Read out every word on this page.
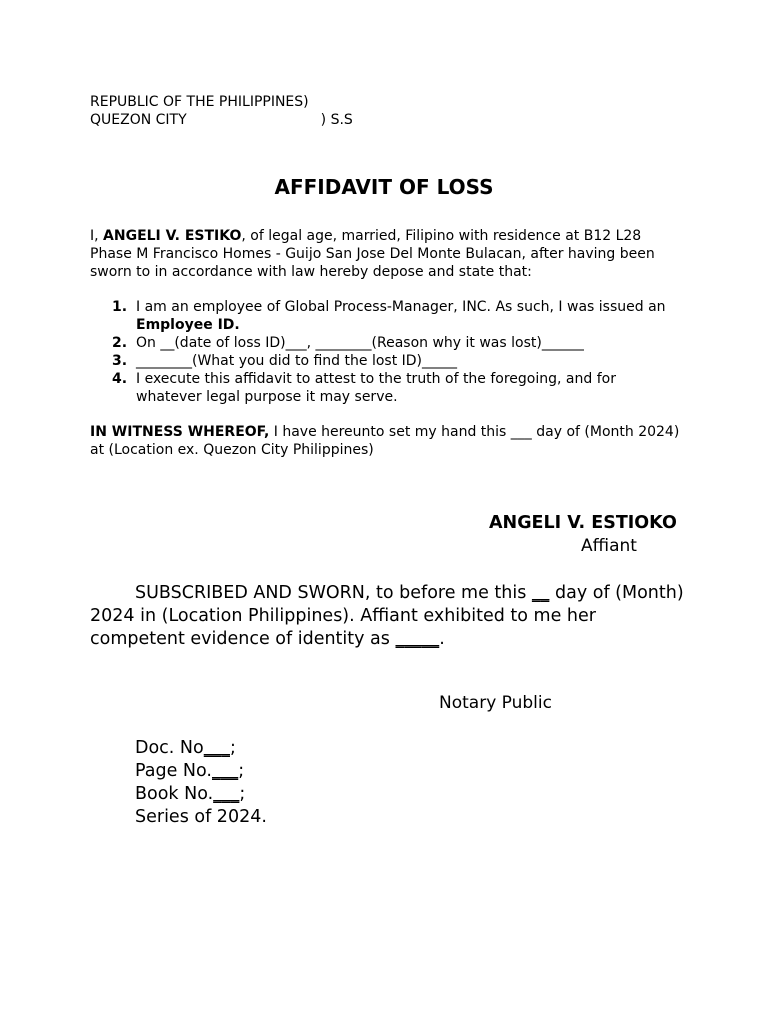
REPUBLIC OF THE PHILIPPINES)
QUEZON CITY	) S.S
AFFIDAVIT OF LOSS
I, ANGELI V. ESTIKO, of legal age, married, Filipino with residence at B12 L28 Phase M Francisco Homes - Guijo San Jose Del Monte Bulacan, after having been sworn to in accordance with law hereby depose and state that:
1. I am an employee of Global Process-Manager, INC. As such, I was issued an Employee ID.
2. On __(date of loss ID)___, ________(Reason why it was lost)______
3. ________(What you did to find the lost ID)_____
4. I execute this affidavit to attest to the truth of the foregoing, and for whatever legal purpose it may serve.
IN WITNESS WHEREOF, I have hereunto set my hand this ___ day of (Month 2024) at (Location ex. Quezon City Philippines)
ANGELI V. ESTIOKO
Affiant
SUBSCRIBED AND SWORN, to before me this __ day of (Month) 2024 in (Location Philippines). Affiant exhibited to me her competent evidence of identity as _____.
Notary Public
Doc. No___;
Page No.___;
Book No.___;
Series of 2024.
